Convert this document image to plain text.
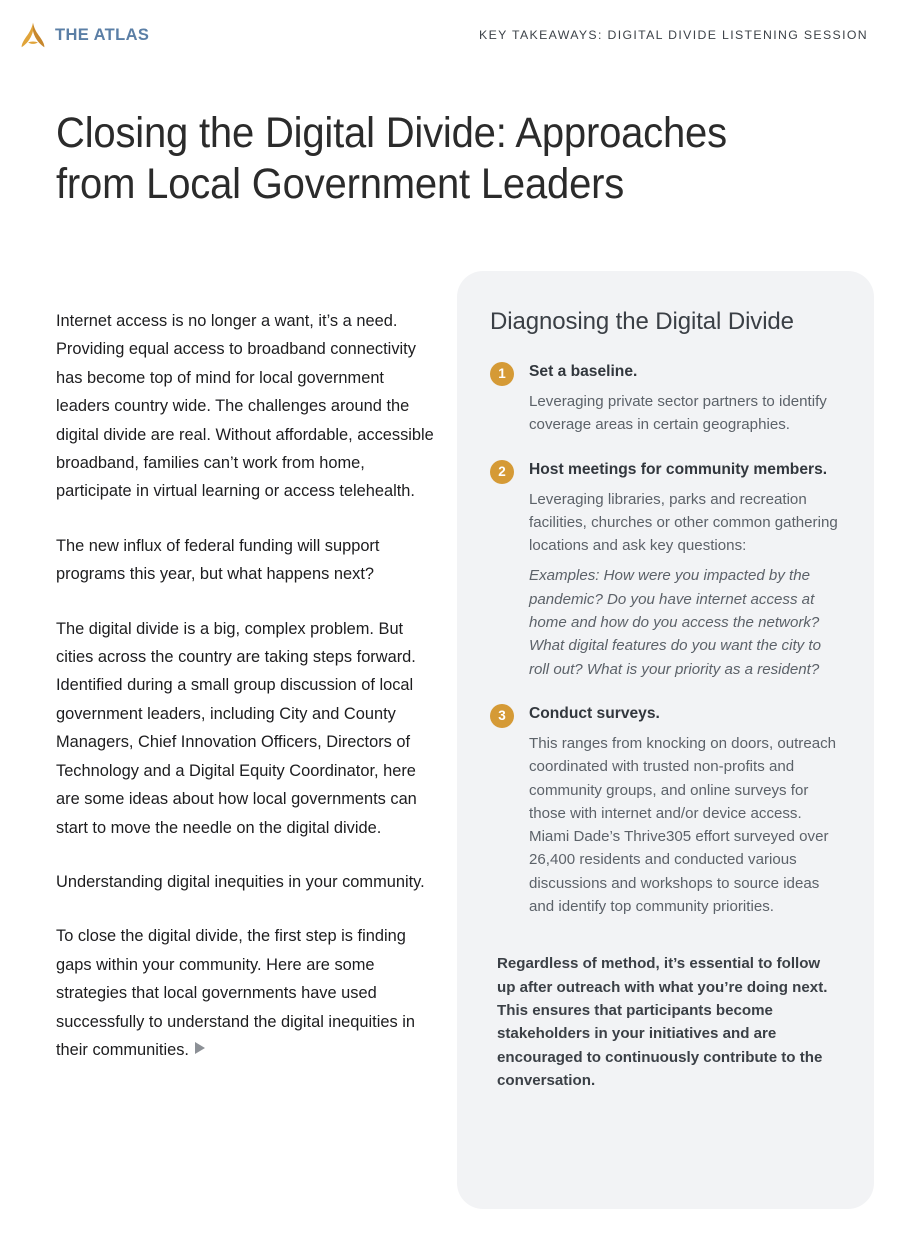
THE ATLAS	KEY TAKEAWAYS: DIGITAL DIVIDE LISTENING SESSION
Closing the Digital Divide: Approaches from Local Government Leaders

Internet access is no longer a want, it’s a need. Providing equal access to broadband connectivity has become top of mind for local government leaders country wide. The challenges around the digital divide are real. Without affordable, accessible broadband, families can’t work from home, participate in virtual learning or access telehealth.

The new influx of federal funding will support programs this year, but what happens next?

The digital divide is a big, complex problem. But cities across the country are taking steps forward. Identified during a small group discussion of local government leaders, including City and County Managers, Chief Innovation Officers, Directors of Technology and a Digital Equity Coordinator, here are some ideas about how local governments can start to move the needle on the digital divide.

Understanding digital inequities in your community.

To close the digital divide, the first step is finding gaps within your community. Here are some strategies that local governments have used successfully to understand the digital inequities in their communities.

Diagnosing the Digital Divide
1	Set a baseline.

Leveraging private sector partners to identify coverage areas in certain geographies.

2	Host meetings for community members.

Leveraging libraries, parks and recreation facilities, churches or other common gathering locations and ask key questions:

Examples: How were you impacted by the pandemic? Do you have internet access at home and how do you access the network? What digital features do you want the city to roll out? What is your priority as a resident?

3	Conduct surveys.

This ranges from knocking on doors, outreach coordinated with trusted non-profits and community groups, and online surveys for those with internet and/or device access. Miami Dade’s Thrive305 effort surveyed over 26,400 residents and conducted various discussions and workshops to source ideas and identify top community priorities.

Regardless of method, it’s essential to follow up after outreach with what you’re doing next. This ensures that participants become stakeholders in your initiatives and are encouraged to continuously contribute to the conversation.
